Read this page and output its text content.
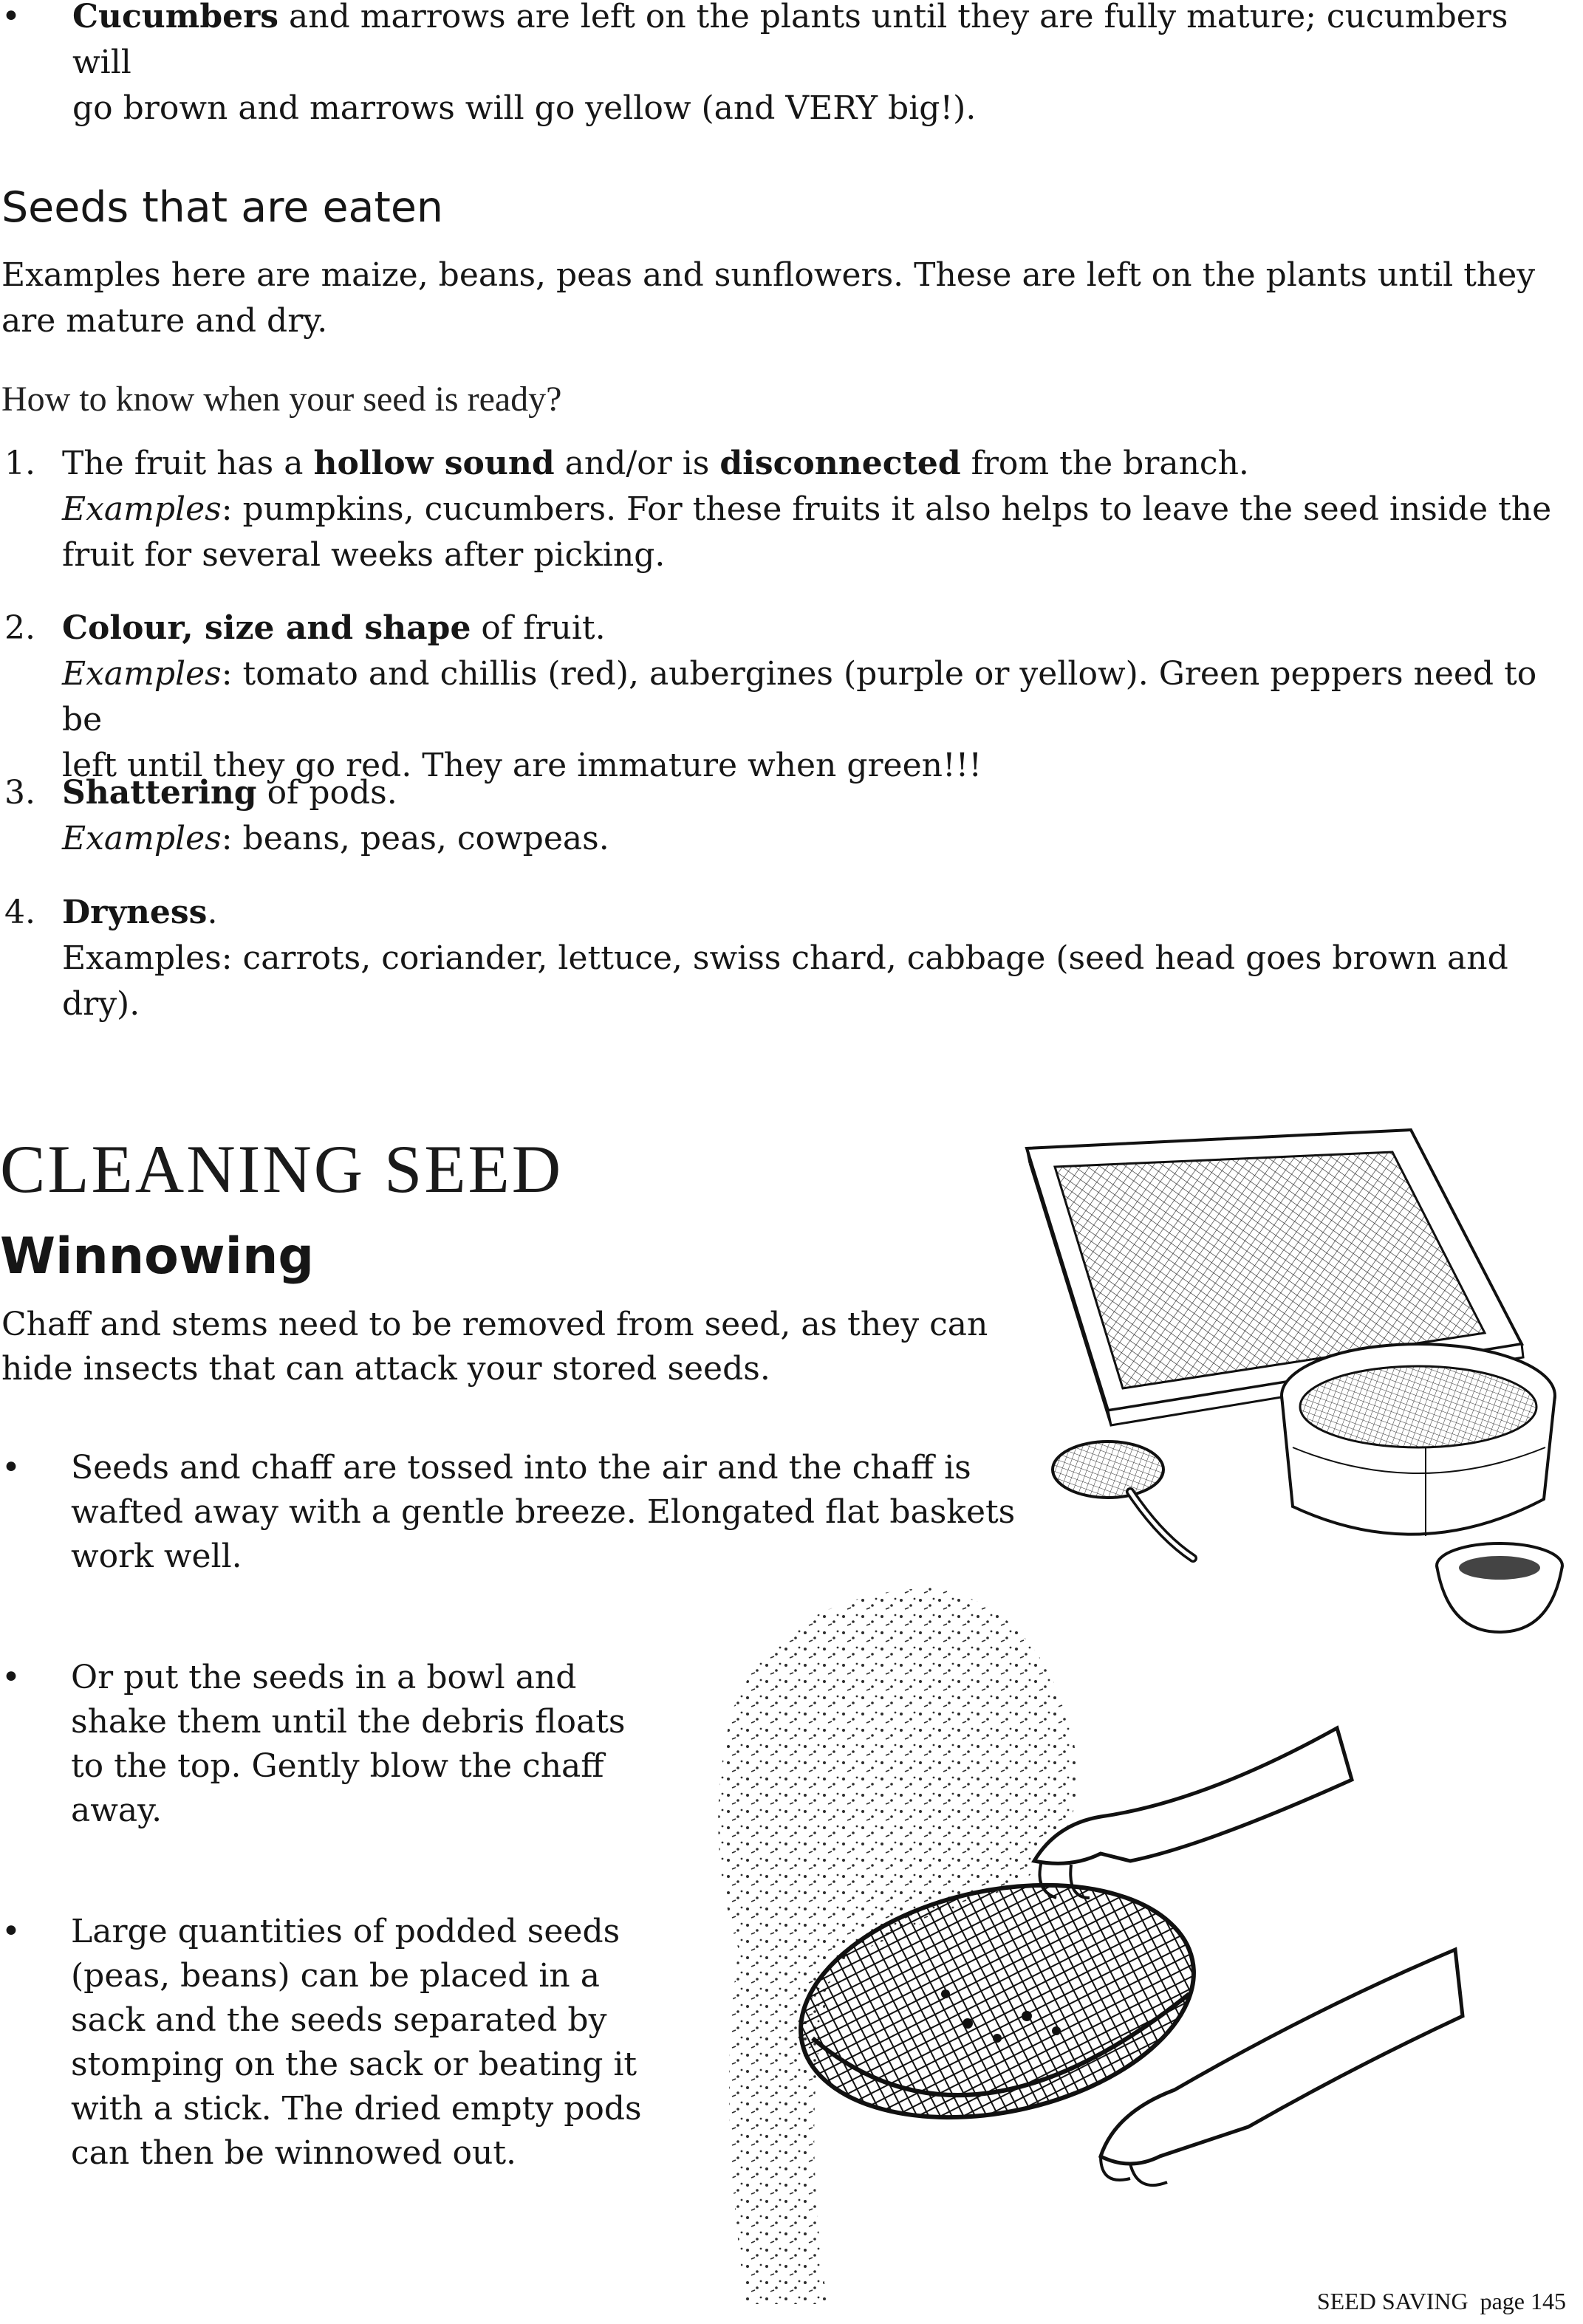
•	Cucumbers and marrows are left on the plants until they are fully mature; cucumbers will
go brown and marrows will go yellow (and VERY big!).
Seeds that are eaten
Examples here are maize, beans, peas and sunflowers. These are left on the plants until they
are mature and dry.
How to know when your seed is ready?
1. The fruit has a hollow sound and/or is disconnected from the branch.
Examples: pumpkins, cucumbers. For these fruits it also helps to leave the seed inside the
fruit for several weeks after picking.
2. Colour, size and shape of fruit.
Examples: tomato and chillis (red), aubergines (purple or yellow). Green peppers need to be
left until they go red. They are immature when green!!!
3. Shattering of pods.
Examples: beans, peas, cowpeas.
4. Dryness.
Examples: carrots, coriander, lettuce, swiss chard, cabbage (seed head goes brown and dry).
CLEANING SEED
Winnowing
Chaff and stems need to be removed from seed, as they can
hide insects that can attack your stored seeds.
•	Seeds and chaff are tossed into the air and the chaff is
wafted away with a gentle breeze. Elongated flat baskets
work well.
•	Or put the seeds in a bowl and
shake them until the debris floats
to the top. Gently blow the chaff
away.
•	Large quantities of podded seeds
(peas, beans) can be placed in a
sack and the seeds separated by
stomping on the sack or beating it
with a stick. The dried empty pods
can then be winnowed out.
SEED SAVING  page 145
